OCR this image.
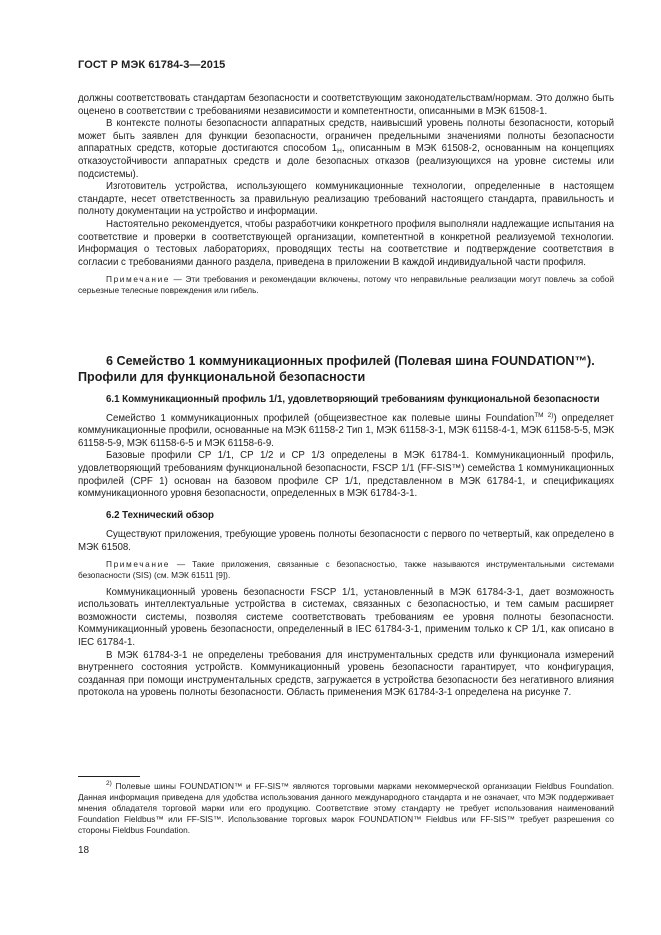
ГОСТ Р МЭК 61784-3—2015

должны соответствовать стандартам безопасности и соответствующим законодательствам/нормам. Это должно быть оценено в соответствии с требованиями независимости и компетентности, описанными в МЭК 61508-1.

В контексте полноты безопасности аппаратных средств, наивысший уровень полноты безопасности, который может быть заявлен для функции безопасности, ограничен предельными значениями полноты безопасности аппаратных средств, которые достигаются способом $1_H$, описанным в МЭК 61508-2, основанным на концепциях отказоустойчивости аппаратных средств и доле безопасных отказов (реализующихся на уровне системы или подсистемы).

Изготовитель устройства, использующего коммуникационные технологии, определенные в настоящем стандарте, несет ответственность за правильную реализацию требований настоящего стандарта, правильность и полноту документации на устройство и информации.

Настоятельно рекомендуется, чтобы разработчики конкретного профиля выполняли надлежащие испытания на соответствие и проверки в соответствующей организации, компетентной в конкретной реализуемой технологии. Информация о тестовых лабораториях, проводящих тесты на соответствие и подтверждение соответствия в согласии с требованиями данного раздела, приведена в приложении В каждой индивидуальной части профиля.

Примечание — Эти требования и рекомендации включены, потому что неправильные реализации могут повлечь за собой серьезные телесные повреждения или гибель.

6 Семейство 1 коммуникационных профилей (Полевая шина FOUNDATION™). Профили для функциональной безопасности
6.1 Коммуникационный профиль 1/1, удовлетворяющий требованиям функциональной безопасности

Семейство 1 коммуникационных профилей (общеизвестное как полевые шины Foundation$^{TM 2)}$) определяет коммуникационные профили, основанные на МЭК 61158-2 Тип 1, МЭК 61158-3-1, МЭК 61158-4-1, МЭК 61158-5-5, МЭК 61158-5-9, МЭК 61158-6-5 и МЭК 61158-6-9.

Базовые профили СР 1/1, СР 1/2 и СР 1/3 определены в МЭК 61784-1. Коммуникационный профиль, удовлетворяющий требованиям функциональной безопасности, FSCP 1/1 (FF-SIS™) семейства 1 коммуникационных профилей (CPF 1) основан на базовом профиле СР 1/1, представленном в МЭК 61784-1, и спецификациях коммуникационного уровня безопасности, определенных в МЭК 61784-3-1.

6.2 Технический обзор

Существуют приложения, требующие уровень полноты безопасности с первого по четвертый, как определено в МЭК 61508.

Примечание — Такие приложения, связанные с безопасностью, также называются инструментальными системами безопасности (SIS) (см. МЭК 61511 [9]).

Коммуникационный уровень безопасности FSCP 1/1, установленный в МЭК 61784-3-1, дает возможность использовать интеллектуальные устройства в системах, связанных с безопасностью, и тем самым расширяет возможности системы, позволяя системе соответствовать требованиям ее уровня полноты безопасности. Коммуникационный уровень безопасности, определенный в IEC 61784-3-1, применим только к СР 1/1, как описано в IEC 61784-1.

В МЭК 61784-3-1 не определены требования для инструментальных средств или функционала измерений внутреннего состояния устройств. Коммуникационный уровень безопасности гарантирует, что конфигурация, созданная при помощи инструментальных средств, загружается в устройства безопасности без негативного влияния протокола на уровень полноты безопасности. Область применения МЭК 61784-3-1 определена на рисунке 7.

$^{2)}$ Полевые шины FOUNDATION™ и FF-SIS™ являются торговыми марками некоммерческой организации Fieldbus Foundation. Данная информация приведена для удобства использования данного международного стандарта и не означает, что МЭК поддерживает мнения обладателя торговой марки или его продукцию. Соответствие этому стандарту не требует использования наименований Foundation Fieldbus™ или FF-SIS™. Использование торговых марок FOUNDATION™ Fieldbus или FF-SIS™ требует разрешения со стороны Fieldbus Foundation.

18
